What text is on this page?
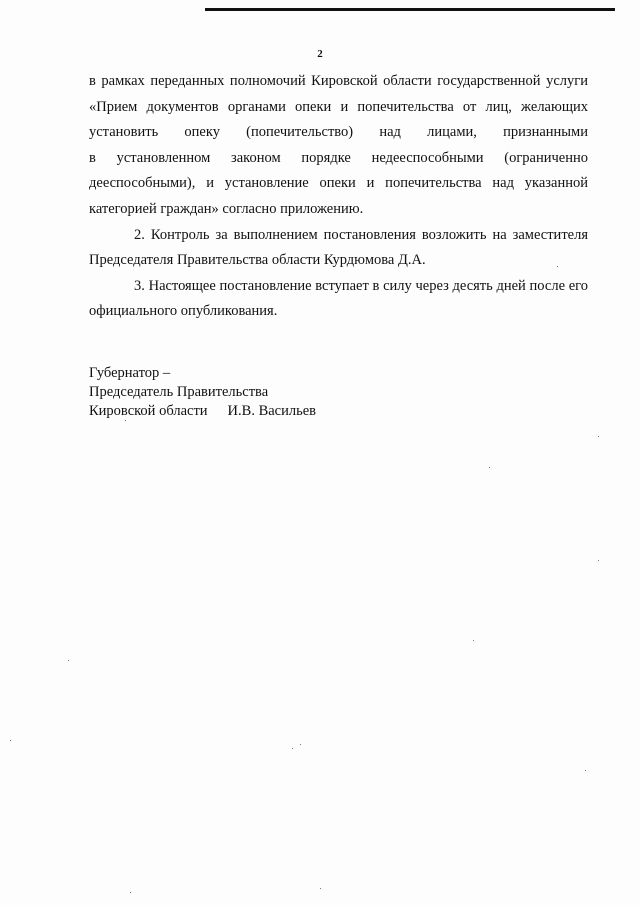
2

в рамках переданных полномочий Кировской области государственной услуги
«Прием документов органами опеки и попечительства от лиц, желающих
установить опеку (попечительство) над лицами, признанными
в установленном законом порядке недееспособными (ограниченно
дееспособными), и установление опеки и попечительства над указанной
категорией граждан» согласно приложению.

2. Контроль за выполнением постановления возложить на заместителя
Председателя Правительства области Курдюмова Д.А.

3. Настоящее постановление вступает в силу через десять дней после его
официального опубликования.

Губернатор –
Председатель Правительства
Кировской области И.В. Васильев
